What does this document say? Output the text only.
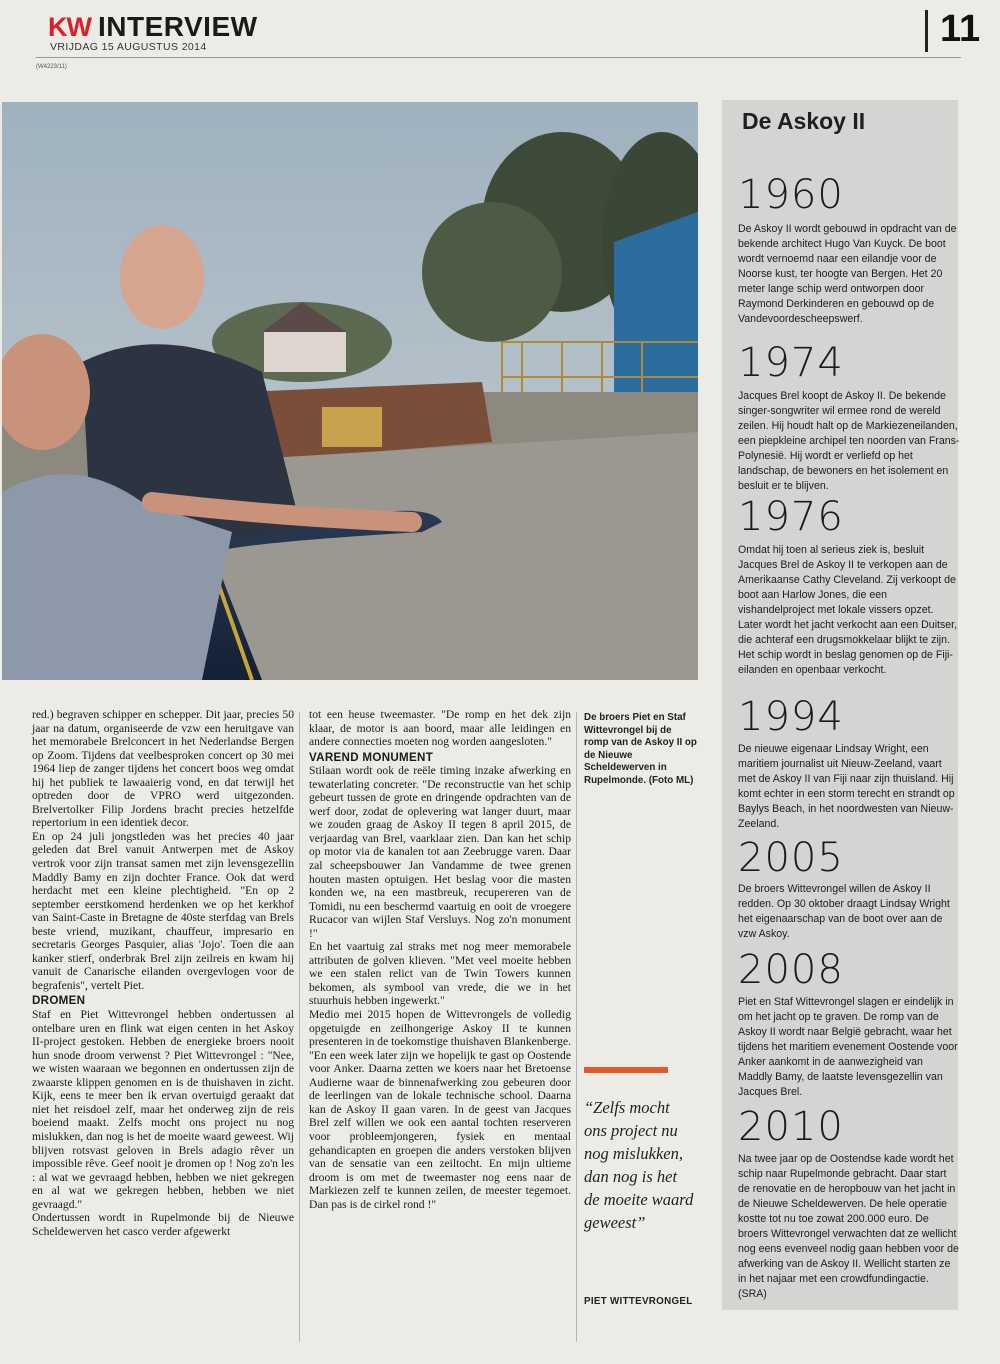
KW INTERVIEW
VRIJDAG 15 AUGUSTUS 2014
(W4223/11)
11
De Askoy II
1960
De Askoy II wordt gebouwd in opdracht van de bekende architect Hugo Van Kuyck. De boot wordt vernoemd naar een eilandje voor de Noorse kust, ter hoogte van Bergen. Het 20 meter lange schip werd ontworpen door Raymond Derkinderen en gebouwd op de Vandevoordescheepswerf.
1974
Jacques Brel koopt de Askoy II. De bekende singer-songwriter wil ermee rond de wereld zeilen. Hij houdt halt op de Markiezeneilanden, een piepkleine archipel ten noorden van Frans-Polynesië. Hij wordt er verliefd op het landschap, de bewoners en het isolement en besluit er te blijven.
1976
Omdat hij toen al serieus ziek is, besluit Jacques Brel de Askoy II te verkopen aan de Amerikaanse Cathy Cleveland. Zij verkoopt de boot aan Harlow Jones, die een vishandelproject met lokale vissers opzet. Later wordt het jacht verkocht aan een Duitser, die achteraf een drugsmokkelaar blijkt te zijn. Het schip wordt in beslag genomen op de Fiji-eilanden en openbaar verkocht.
1994
De nieuwe eigenaar Lindsay Wright, een maritiem journalist uit Nieuw-Zeeland, vaart met de Askoy II van Fiji naar zijn thuisland. Hij komt echter in een storm terecht en strandt op Baylys Beach, in het noordwesten van Nieuw-Zeeland.
2005
De broers Wittevrongel willen de Askoy II redden. Op 30 oktober draagt Lindsay Wright het eigenaarschap van de boot over aan de vzw Askoy.
2008
Piet en Staf Wittevrongel slagen er eindelijk in om het jacht op te graven. De romp van de Askoy II wordt naar België gebracht, waar het tijdens het maritiem evenement Oostende voor Anker aankomt in de aanwezigheid van Maddly Bamy, de laatste levensgezellin van Jacques Brel.
2010
Na twee jaar op de Oostendse kade wordt het schip naar Rupelmonde gebracht. Daar start de renovatie en de heropbouw van het jacht in de Nieuwe Scheldewerven. De hele operatie kostte tot nu toe zowat 200.000 euro. De broers Wittevrongel verwachten dat ze wellicht nog eens evenveel nodig gaan hebben voor de afwerking van de Askoy II. Wellicht starten ze in het najaar met een crowdfundingactie. (SRA)

red.) begraven schipper en schepper. Dit jaar, precies 50 jaar na datum, organiseerde de vzw een heruitgave van het memorabele Brelconcert in het Nederlandse Bergen op Zoom. Tijdens dat veelbesproken concert op 30 mei 1964 liep de zanger tijdens het concert boos weg omdat hij het publiek te lawaaierig vond, en dat terwijl het optreden door de VPRO werd uitgezonden. Brelvertolker Filip Jordens bracht precies hetzelfde repertorium in een identiek decor.

En op 24 juli jongstleden was het precies 40 jaar geleden dat Brel vanuit Antwerpen met de Askoy vertrok voor zijn transat samen met zijn levensgezellin Maddly Bamy en zijn dochter France. Ook dat werd herdacht met een kleine plechtigheid. "En op 2 september eerstkomend herdenken we op het kerkhof van Saint-Caste in Bretagne de 40ste sterfdag van Brels beste vriend, muzikant, chauffeur, impresario en secretaris Georges Pasquier, alias 'Jojo'. Toen die aan kanker stierf, onderbrak Brel zijn zeilreis en kwam hij vanuit de Canarische eilanden overgevlogen voor de begrafenis", vertelt Piet.

DROMEN

Staf en Piet Wittevrongel hebben ondertussen al ontelbare uren en flink wat eigen centen in het Askoy II-project gestoken. Hebben de energieke broers nooit hun snode droom verwenst ? Piet Wittevrongel : "Nee, we wisten waaraan we begonnen en ondertussen zijn de zwaarste klippen genomen en is de thuishaven in zicht. Kijk, eens te meer ben ik ervan overtuigd geraakt dat niet het reisdoel zelf, maar het onderweg zijn de reis boeiend maakt. Zelfs mocht ons project nu nog mislukken, dan nog is het de moeite waard geweest. Wij blijven rotsvast geloven in Brels adagio rêver un impossible rêve. Geef nooit je dromen op ! Nog zo'n les : al wat we gevraagd hebben, hebben we niet gekregen en al wat we gekregen hebben, hebben we niet gevraagd."

Ondertussen wordt in Rupelmonde bij de Nieuwe Scheldewerven het casco verder afgewerkt

tot een heuse tweemaster. "De romp en het dek zijn klaar, de motor is aan boord, maar alle leidingen en andere connecties moeten nog worden aangesloten."

VAREND MONUMENT

Stilaan wordt ook de reële timing inzake afwerking en tewaterlating concreter. "De reconstructie van het schip gebeurt tussen de grote en dringende opdrachten van de werf door, zodat de oplevering wat langer duurt, maar we zouden graag de Askoy II tegen 8 april 2015, de verjaardag van Brel, vaarklaar zien. Dan kan het schip op motor via de kanalen tot aan Zeebrugge varen. Daar zal scheepsbouwer Jan Vandamme de twee grenen houten masten optuigen. Het beslag voor die masten konden we, na een mastbreuk, recupereren van de Tomidi, nu een beschermd vaartuig en ooit de vroegere Rucacor van wijlen Staf Versluys. Nog zo'n monument !"

En het vaartuig zal straks met nog meer memorabele attributen de golven klieven. "Met veel moeite hebben we een stalen relict van de Twin Towers kunnen bekomen, als symbool van vrede, die we in het stuurhuis hebben ingewerkt."

Medio mei 2015 hopen de Wittevrongels de volledig opgetuigde en zeilhongerige Askoy II te kunnen presenteren in de toekomstige thuishaven Blankenberge. "En een week later zijn we hopelijk te gast op Oostende voor Anker. Daarna zetten we koers naar het Bretoense Audierne waar de binnenafwerking zou gebeuren door de leerlingen van de lokale technische school. Daarna kan de Askoy II gaan varen. In de geest van Jacques Brel zelf willen we ook een aantal tochten reserveren voor probleemjongeren, fysiek en mentaal gehandicapten en groepen die anders verstoken blijven van de sensatie van een zeiltocht. En mijn ultieme droom is om met de tweemaster nog eens naar de Markiezen zelf te kunnen zeilen, de meester tegemoet. Dan pas is de cirkel rond !"

De broers Piet en Staf Wittevrongel bij de romp van de Askoy II op de Nieuwe Scheldewerven in Rupelmonde. (Foto ML)
“Zelfs mocht ons project nu nog mislukken, dan nog is het de moeite waard geweest”
PIET WITTEVRONGEL
